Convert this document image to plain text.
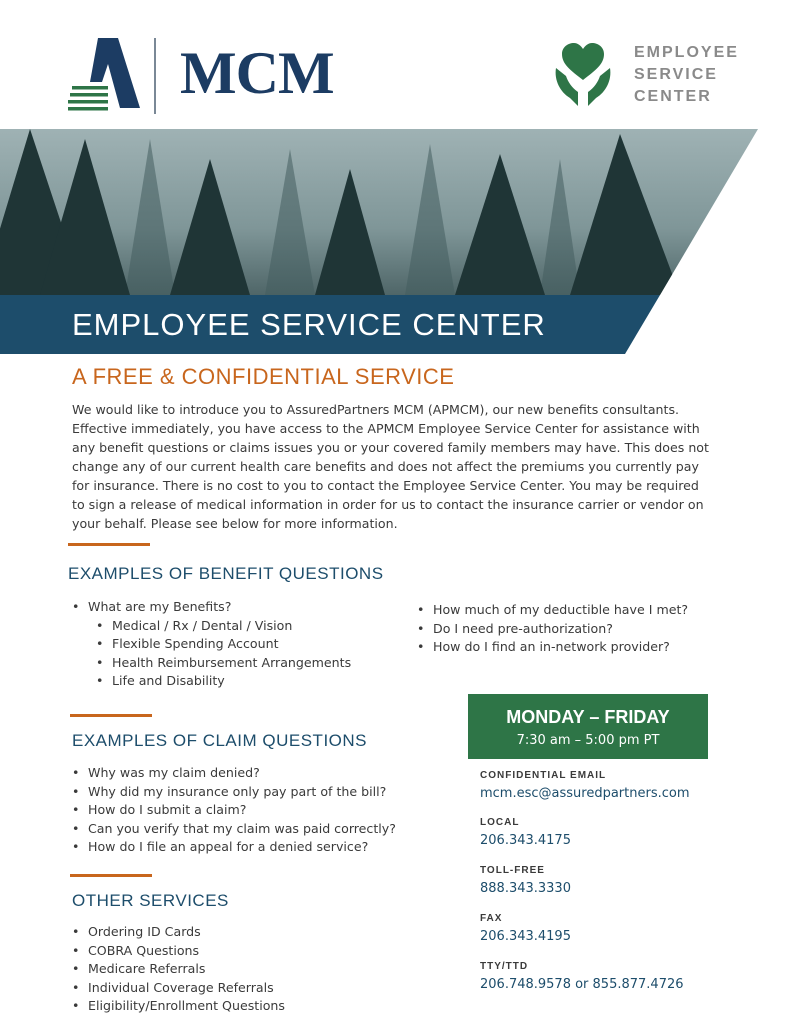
MCM	EMPLOYEE
SERVICE
CENTER
EMPLOYEE SERVICE CENTER
A FREE & CONFIDENTIAL SERVICE
We would like to introduce you to AssuredPartners MCM (APMCM), our new benefits consultants. Effective immediately, you have access to the APMCM Employee Service Center for assistance with any benefit questions or claims issues you or your covered family members may have. This does not change any of our current health care benefits and does not affect the premiums you currently pay for insurance. There is no cost to you to contact the Employee Service Center. You may be required to sign a release of medical information in order for us to contact the insurance carrier or vendor on your behalf. Please see below for more information.
EXAMPLES OF BENEFIT QUESTIONS
• What are my Benefits?
• Medical / Rx / Dental / Vision
• Flexible Spending Account
• Health Reimbursement Arrangements
• Life and Disability
• How much of my deductible have I met?
• Do I need pre-authorization?
• How do I find an in-network provider?
EXAMPLES OF CLAIM QUESTIONS
• Why was my claim denied?
• Why did my insurance only pay part of the bill?
• How do I submit a claim?
• Can you verify that my claim was paid correctly?
• How do I file an appeal for a denied service?
OTHER SERVICES
• Ordering ID Cards
• COBRA Questions
• Medicare Referrals
• Individual Coverage Referrals
• Eligibility/Enrollment Questions
MONDAY – FRIDAY
7:30 am – 5:00 pm PT
CONFIDENTIAL EMAIL
mcm.esc@assuredpartners.com
LOCAL
206.343.4175
TOLL-FREE
888.343.3330
FAX
206.343.4195
TTY/TTD
206.748.9578 or 855.877.4726
